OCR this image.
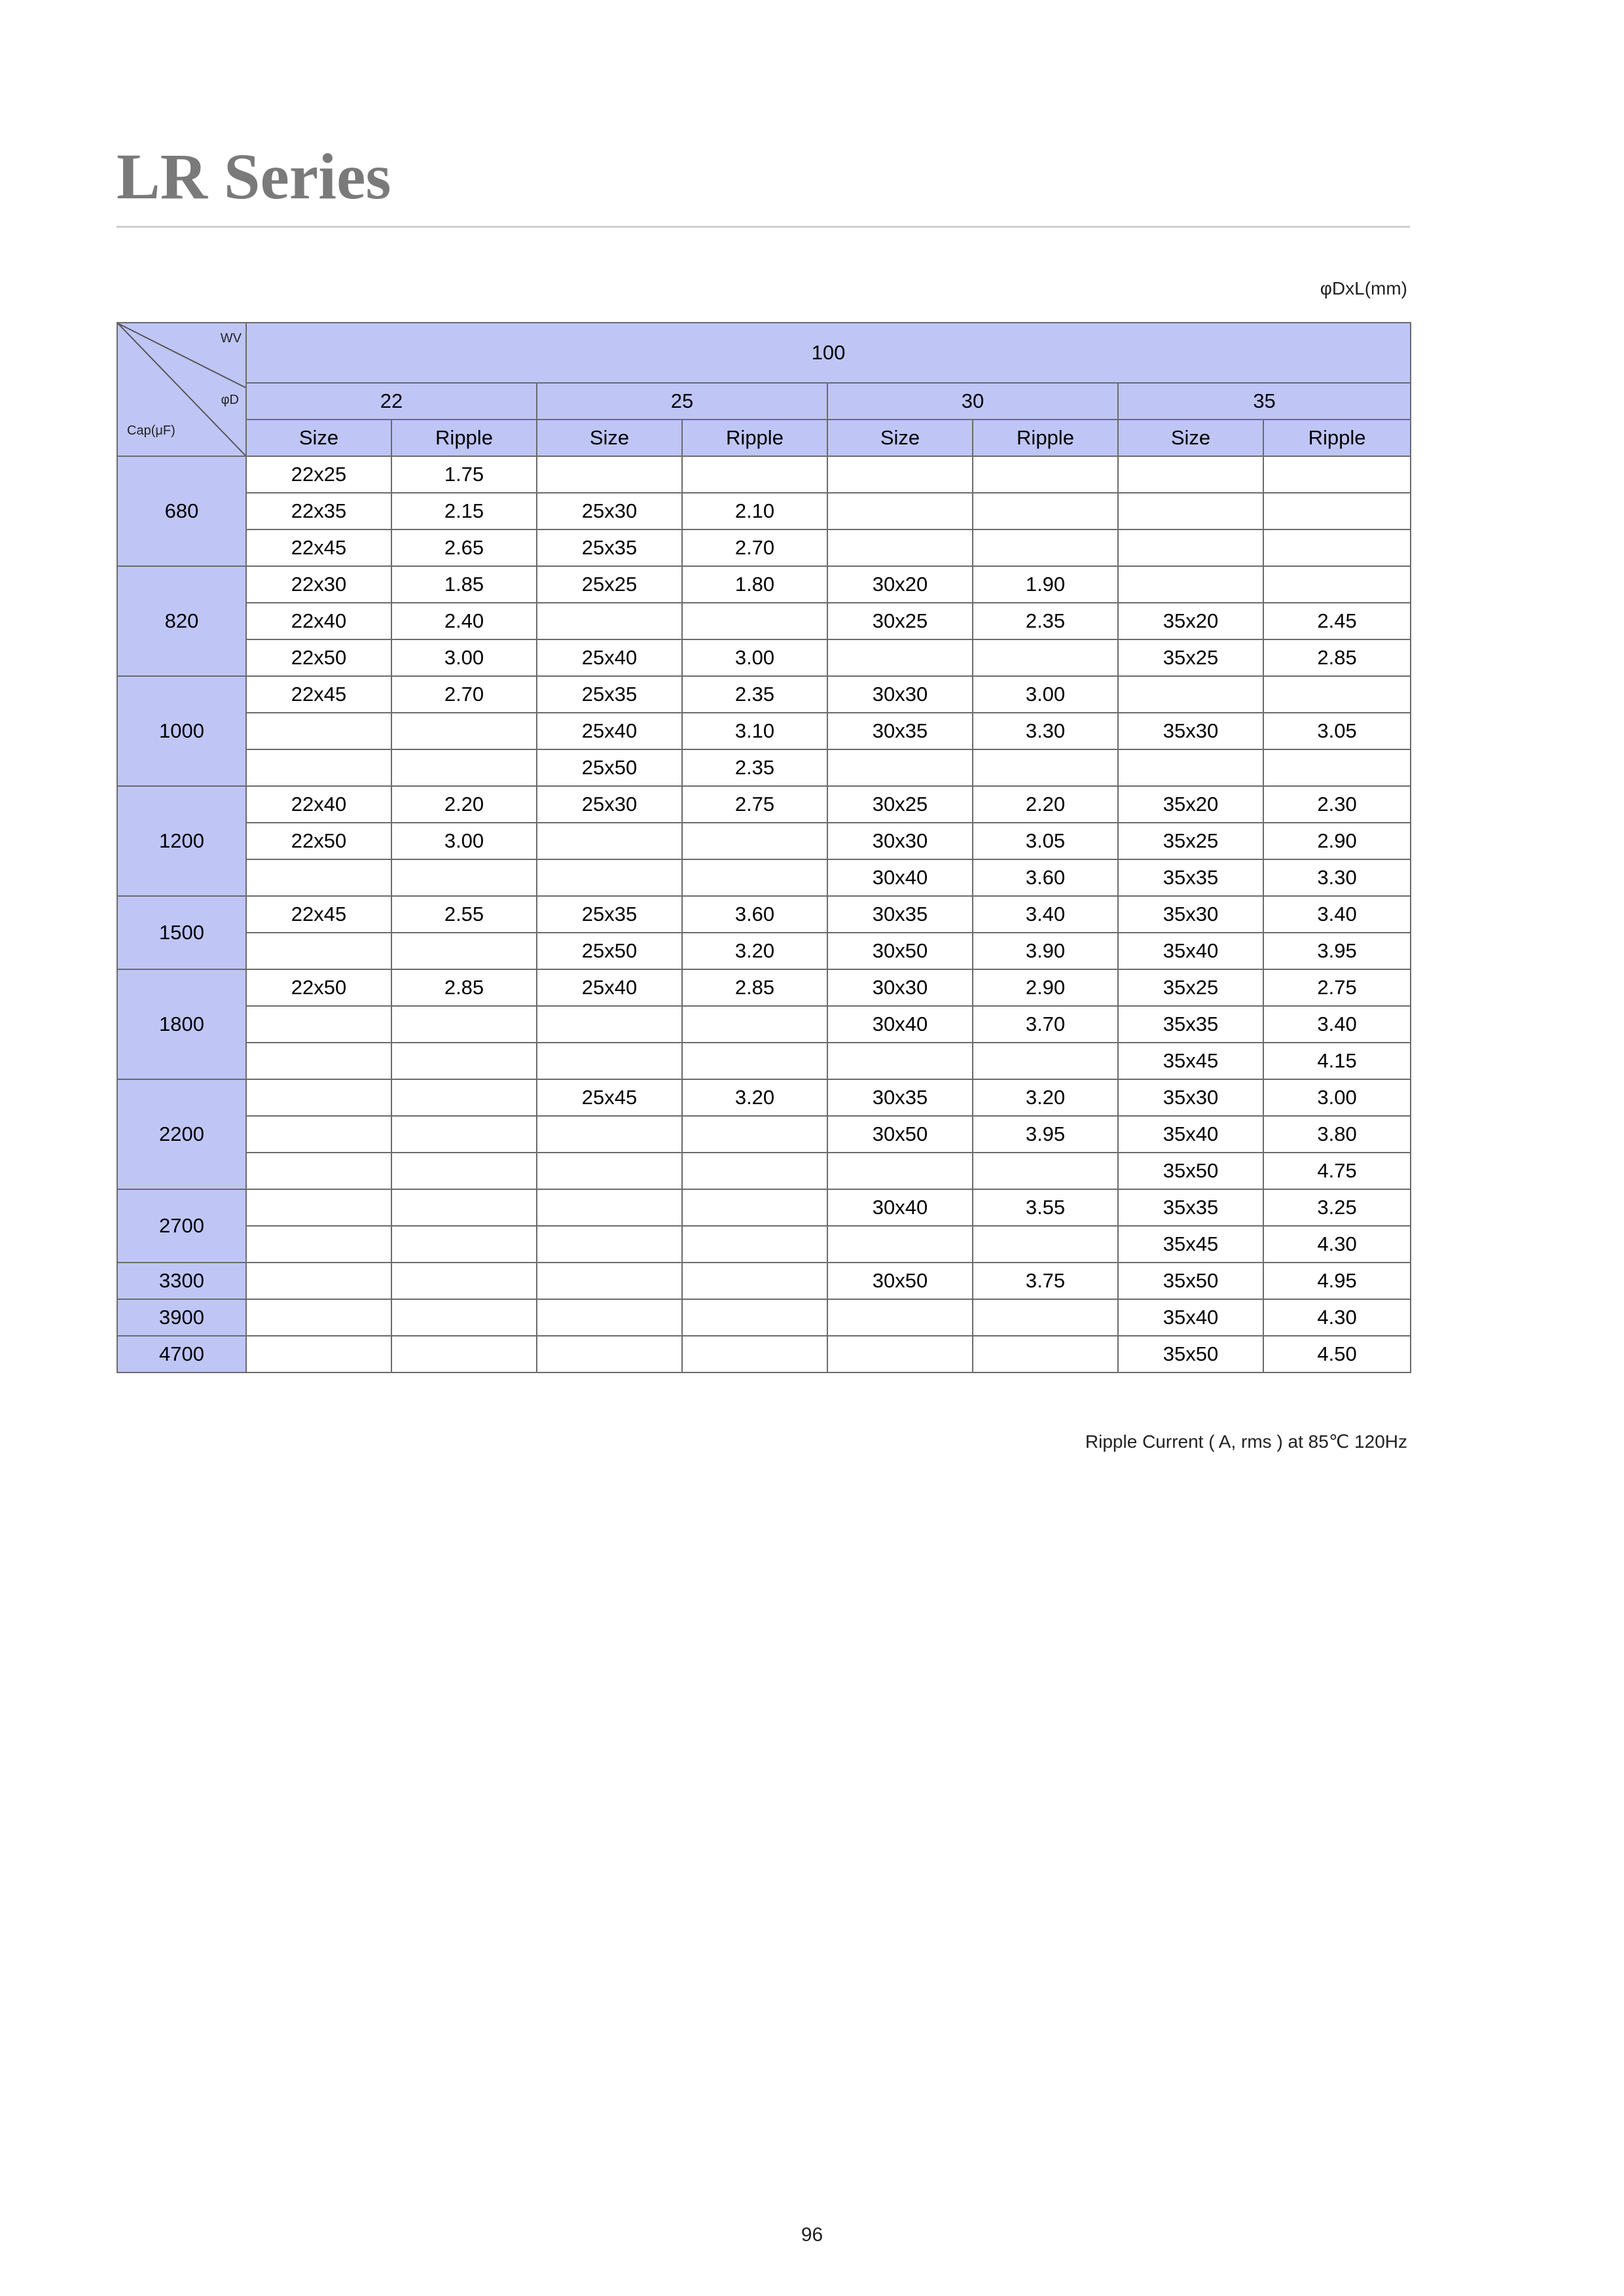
LR Series
φDxL(mm)
WV
φD
Cap(μF)	100							
	22		25		30		35	
	Size	Ripple	Size	Ripple	Size	Ripple	Size	Ripple
680	22x25	1.75						
	22x35	2.15	25x30	2.10				
	22x45	2.65	25x35	2.70				
820	22x30	1.85	25x25	1.80	30x20	1.90		
	22x40	2.40			30x25	2.35	35x20	2.45
	22x50	3.00	25x40	3.00			35x25	2.85
1000	22x45	2.70	25x35	2.35	30x30	3.00		
			25x40	3.10	30x35	3.30	35x30	3.05
			25x50	2.35				
1200	22x40	2.20	25x30	2.75	30x25	2.20	35x20	2.30
	22x50	3.00			30x30	3.05	35x25	2.90
					30x40	3.60	35x35	3.30
1500	22x45	2.55	25x35	3.60	30x35	3.40	35x30	3.40
			25x50	3.20	30x50	3.90	35x40	3.95
1800	22x50	2.85	25x40	2.85	30x30	2.90	35x25	2.75
					30x40	3.70	35x35	3.40
							35x45	4.15
2200			25x45	3.20	30x35	3.20	35x30	3.00
					30x50	3.95	35x40	3.80
							35x50	4.75
2700					30x40	3.55	35x35	3.25
							35x45	4.30
3300					30x50	3.75	35x50	4.95
3900							35x40	4.30
4700							35x50	4.50
Ripple Current ( A, rms ) at 85℃ 120Hz
96
